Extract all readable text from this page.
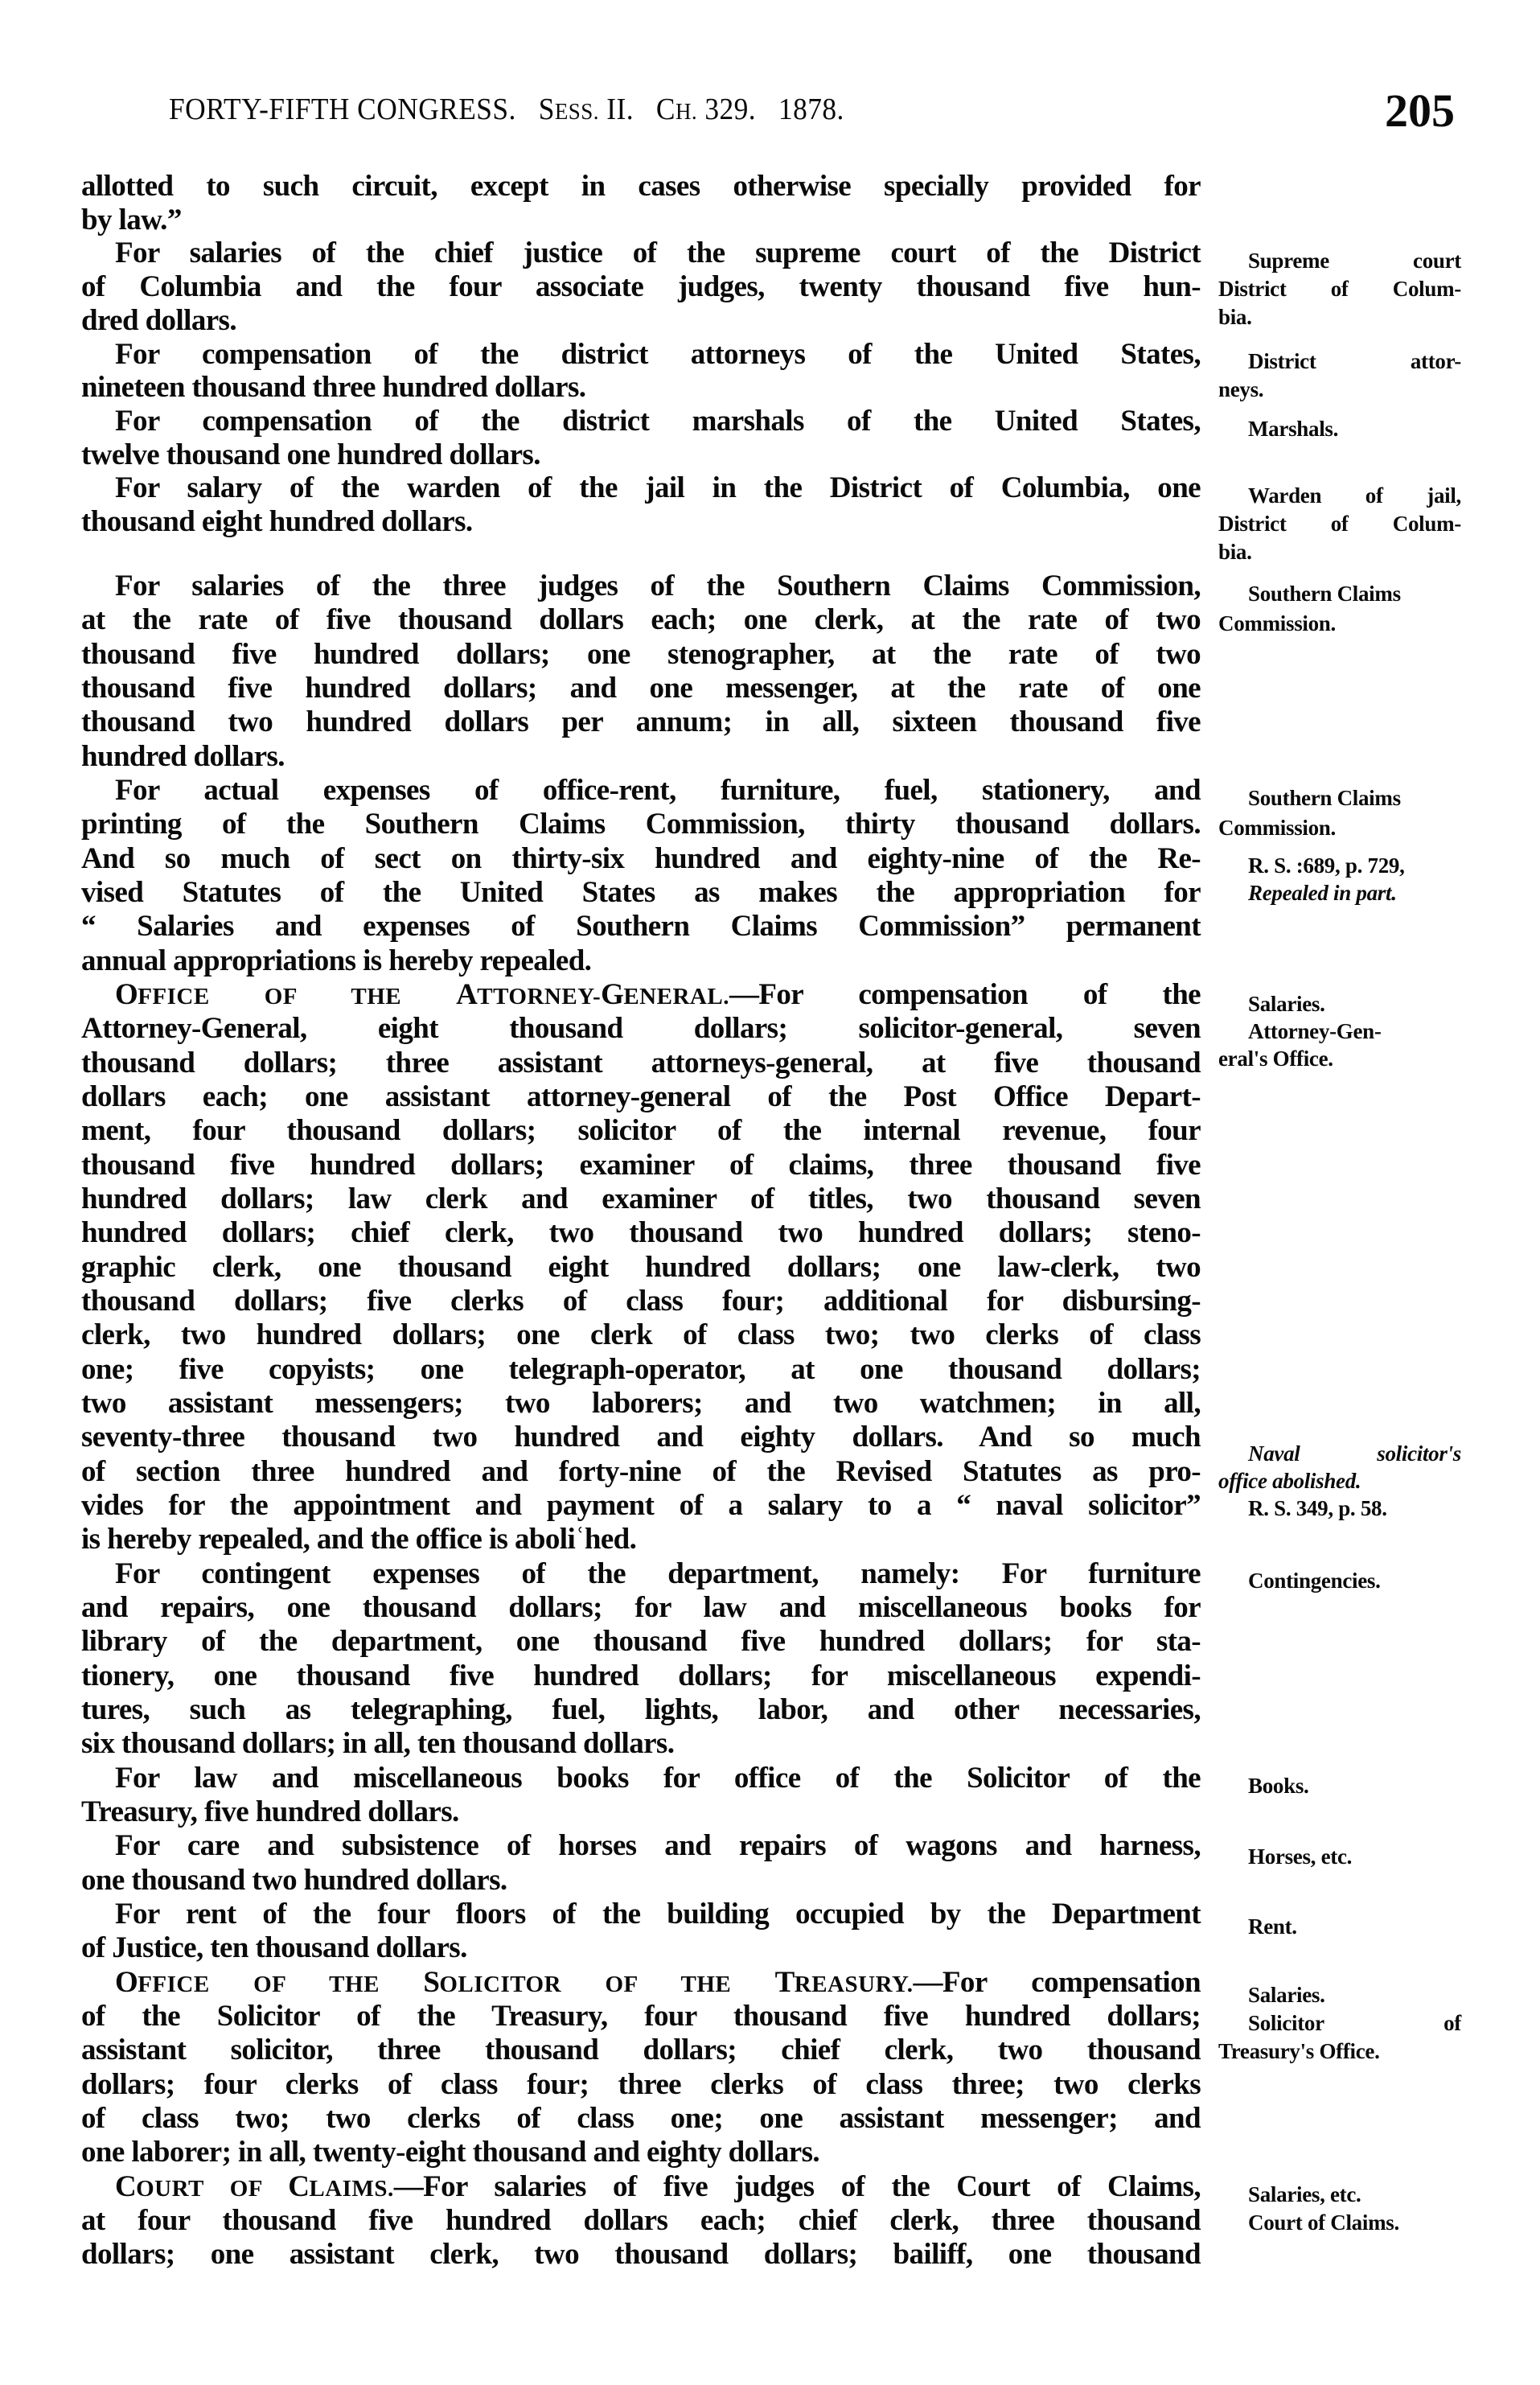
FORTY-FIFTH CONGRESS. SESS. II. CH. 329. 1878.	205
allotted to such circuit, except in cases otherwise specially provided for
by law.”
For salaries of the chief justice of the supreme court of the District
of Columbia and the four associate judges, twenty thousand five hun-
dred dollars.
For compensation of the district attorneys of the United States,
nineteen thousand three hundred dollars.
For compensation of the district marshals of the United States,
twelve thousand one hundred dollars.
For salary of the warden of the jail in the District of Columbia, one
thousand eight hundred dollars.
For salaries of the three judges of the Southern Claims Commission,
at the rate of five thousand dollars each; one clerk, at the rate of two
thousand five hundred dollars; one stenographer, at the rate of two
thousand five hundred dollars; and one messenger, at the rate of one
thousand two hundred dollars per annum; in all, sixteen thousand five
hundred dollars.
For actual expenses of office-rent, furniture, fuel, stationery, and
printing of the Southern Claims Commission, thirty thousand dollars.
And so much of sect on thirty-six hundred and eighty-nine of the Re-
vised Statutes of the United States as makes the appropriation for
“ Salaries and expenses of Southern Claims Commission” permanent
annual appropriations is hereby repealed.
OFFICE OF THE ATTORNEY-GENERAL.—For compensation of the
Attorney-General, eight thousand dollars; solicitor-general, seven
thousand dollars; three assistant attorneys-general, at five thousand
dollars each; one assistant attorney-general of the Post Office Depart-
ment, four thousand dollars; solicitor of the internal revenue, four
thousand five hundred dollars; examiner of claims, three thousand five
hundred dollars; law clerk and examiner of titles, two thousand seven
hundred dollars; chief clerk, two thousand two hundred dollars; steno-
graphic clerk, one thousand eight hundred dollars; one law-clerk, two
thousand dollars; five clerks of class four; additional for disbursing-
clerk, two hundred dollars; one clerk of class two; two clerks of class
one; five copyists; one telegraph-operator, at one thousand dollars;
two assistant messengers; two laborers; and two watchmen; in all,
seventy-three thousand two hundred and eighty dollars. And so much
of section three hundred and forty-nine of the Revised Statutes as pro-
vides for the appointment and payment of a salary to a “ naval solicitor”
is hereby repealed, and the office is aboliʿhed.
For contingent expenses of the department, namely: For furniture
and repairs, one thousand dollars; for law and miscellaneous books for
library of the department, one thousand five hundred dollars; for sta-
tionery, one thousand five hundred dollars; for miscellaneous expendi-
tures, such as telegraphing, fuel, lights, labor, and other necessaries,
six thousand dollars; in all, ten thousand dollars.
For law and miscellaneous books for office of the Solicitor of the
Treasury, five hundred dollars.
For care and subsistence of horses and repairs of wagons and harness,
one thousand two hundred dollars.
For rent of the four floors of the building occupied by the Department
of Justice, ten thousand dollars.
OFFICE OF THE SOLICITOR OF THE TREASURY.—For compensation
of the Solicitor of the Treasury, four thousand five hundred dollars;
assistant solicitor, three thousand dollars; chief clerk, two thousand
dollars; four clerks of class four; three clerks of class three; two clerks
of class two; two clerks of class one; one assistant messenger; and
one laborer; in all, twenty-eight thousand and eighty dollars.
COURT OF CLAIMS.—For salaries of five judges of the Court of Claims,
at four thousand five hundred dollars each; chief clerk, three thousand
dollars; one assistant clerk, two thousand dollars; bailiff, one thousand
Supreme court
District of Colum-
bia.
District attor-
neys.
Marshals.
Warden of jail,
District of Colum-
bia.
Southern Claims
Commission.
Southern Claims
Commission.
R. S. :689, p. 729,
Repealed in part.
Salaries.
Attorney-Gen-
eral's Office.
Naval solicitor's
office abolished.
R. S. 349, p. 58.
Contingencies.
Books.
Horses, etc.
Rent.
Salaries.
Solicitor of
Treasury's Office.
Salaries, etc.
Court of Claims.
